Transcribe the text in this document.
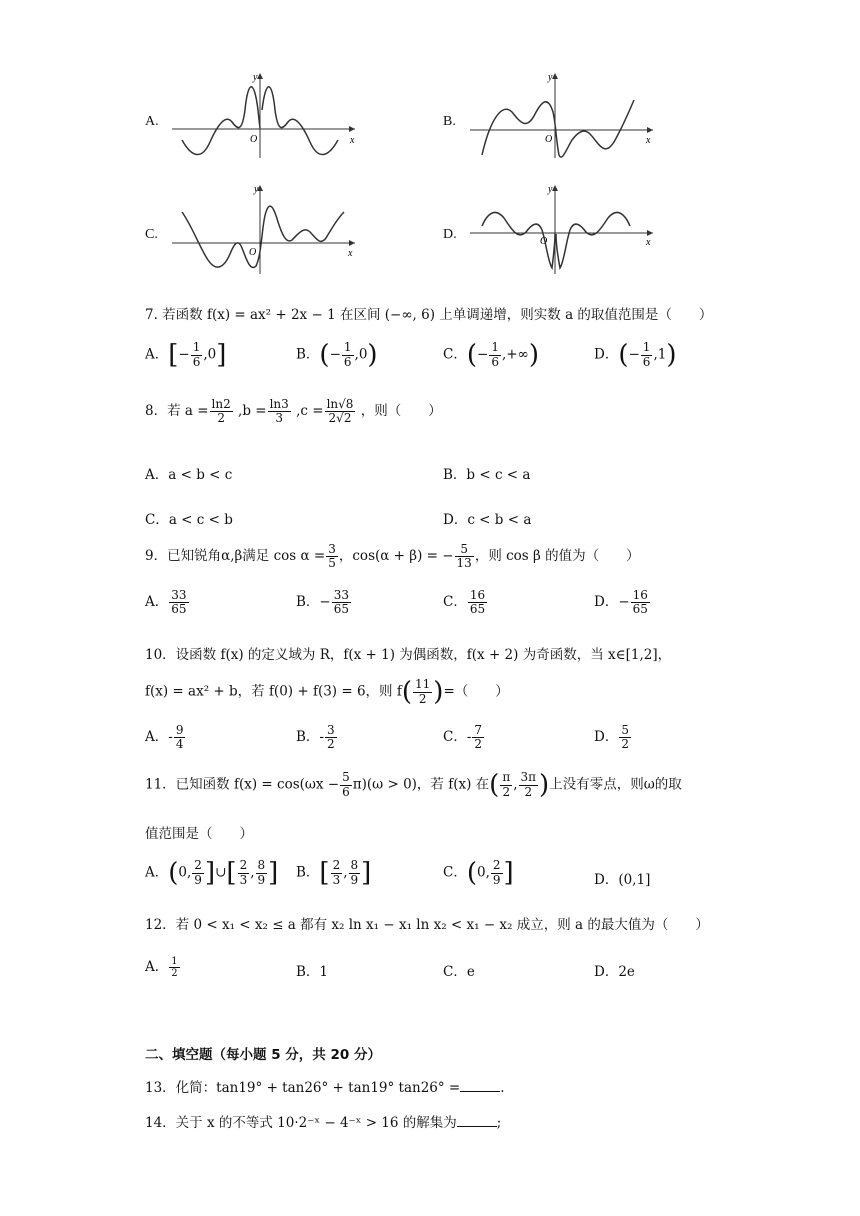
A.
y
x
O
B.
y
x
O
C.
y
x
O
D.
y
x
O
7. 若函数 f(x) = ax² + 2x − 1 在区间 (−∞, 6) 上单调递增，则实数 a 的取值范围是（　　）
A．[− $\frac{1}{6} ,0$]	B．(− $\frac{1}{6} ,0$)	C．(− $\frac{1}{6}$ ,+∞)	D．(− $\frac{1}{6} ,1$)
8．若 $a = \frac{\ln 2}{2} ,b = \frac{\ln 3}{3} ,c = \frac{\ln√8}{2√2}$ ，则（　　）
A．a < b < c	B．b < c < a
C．a < c < b	D．c < b < a
9．已知锐角α,β满足 $\cos \alpha = \frac{3}{5}$ ，cos(α + β) = − $\frac{5}{13}$ ，则 cos β 的值为（　　）
A． $\frac{33}{65}$	B．− $\frac{33}{65}$	C． $\frac{16}{65}$	D．− $\frac{16}{65}$
10．设函数 f(x) 的定义域为 R，f(x + 1) 为偶函数，f(x + 2) 为奇函数，当 x∈[1,2]，
f(x) = ax² + b，若 f(0) + f(3) = 6，则 $f( \frac{11}{2}$ )=（　　）
A．- $\frac{9}{4}$	B．- $\frac{3}{2}$	C．- $\frac{7}{2}$	D． $\frac{5}{2}$
11．已知函数 $f(x) = \cos(\omega x - \frac{5}{6} \pi)(\omega > 0)$，若 f(x) 在( $\frac{\pi}{2}$ , $\frac{3\pi}{2}$ )上没有零点，则ω的取
值范围是（　　）
A．(0, $\frac{2}{9}$ ]∪[ $\frac{2}{3}$ , $\frac{8}{9}$ ] B．[ $\frac{2}{3}$ , $\frac{8}{9}$ ]	C．(0, $\frac{2}{9}$ ]	D．(0,1]
12．若 0 < x₁ < x₂ ≤ a 都有 x₂ ln x₁ − x₁ ln x₂ < x₁ − x₂ 成立，则 a 的最大值为（　　）
A． $\frac{1}{2}$	B．1	C．e	D．2e
二、填空题（每小题 5 分，共 20 分）
13．化简：tan19° + tan26° + tan19° tan26° =	.
14．关于 x 的不等式 10·2⁻ˣ − 4⁻ˣ > 16 的解集为	;
